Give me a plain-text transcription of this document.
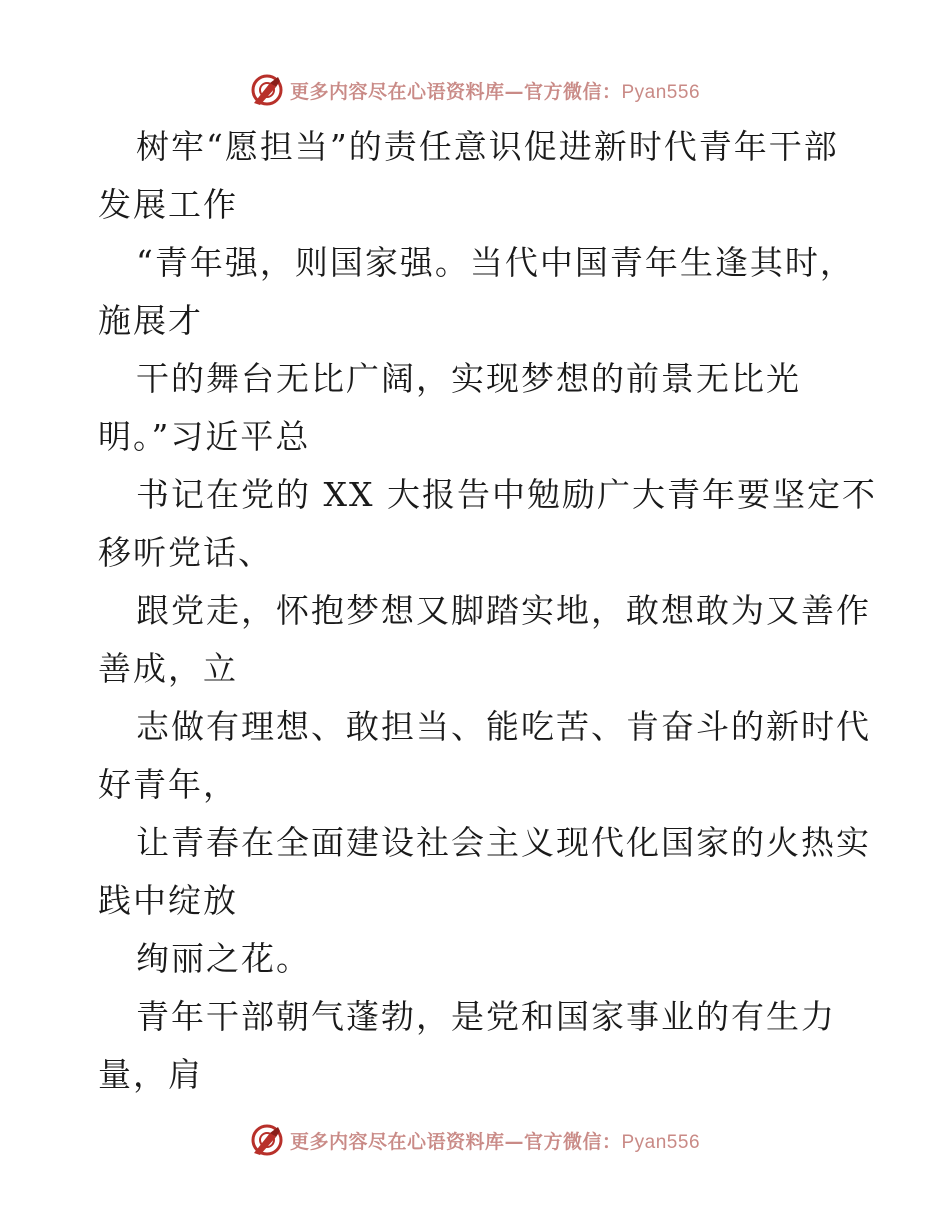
更多内容尽在心语资料库—官方微信：Pyan556
树牢“愿担当”的责任意识促进新时代青年干部
发展工作
“青年强，则国家强。当代中国青年生逢其时，
施展才
干的舞台无比广阔，实现梦想的前景无比光
明。”习近平总
书记在党的 XX 大报告中勉励广大青年要坚定不
移听党话、
跟党走，怀抱梦想又脚踏实地，敢想敢为又善作
善成，立
志做有理想、敢担当、能吃苦、肯奋斗的新时代
好青年，
让青春在全面建设社会主义现代化国家的火热实
践中绽放
绚丽之花。
青年干部朝气蓬勃，是党和国家事业的有生力
量，肩
更多内容尽在心语资料库—官方微信：Pyan556
